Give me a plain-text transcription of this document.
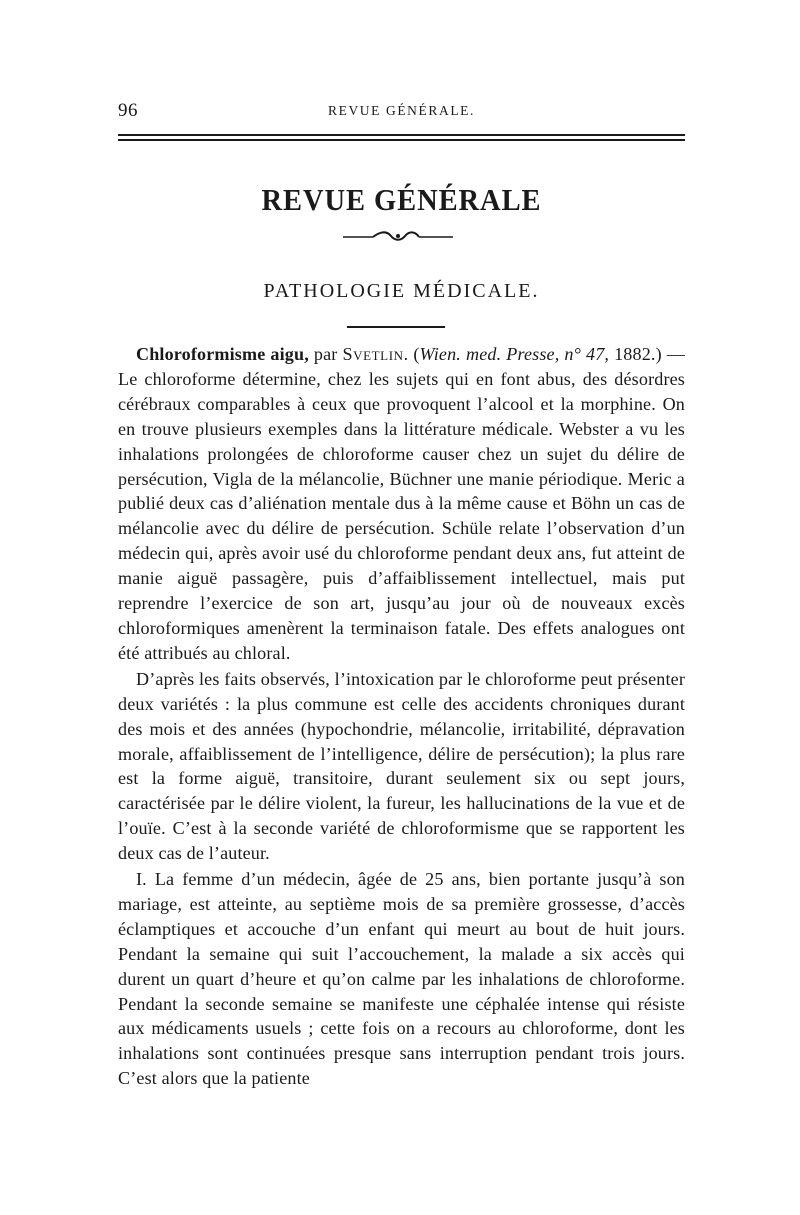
96	REVUE GÉNÉRALE.
REVUE GÉNÉRALE
PATHOLOGIE MÉDICALE.

Chloroformisme aigu, par Svetlin. (Wien. med. Presse, n° 47, 1882.) — Le chloroforme détermine, chez les sujets qui en font abus, des désordres cérébraux comparables à ceux que provoquent l’alcool et la morphine. On en trouve plusieurs exemples dans la littérature médicale. Webster a vu les inhalations prolongées de chloroforme causer chez un sujet du délire de persécution, Vigla de la mélancolie, Büchner une manie périodique. Meric a publié deux cas d’aliénation mentale dus à la même cause et Böhn un cas de mélancolie avec du délire de persécution. Schüle relate l’observation d’un médecin qui, après avoir usé du chloroforme pendant deux ans, fut atteint de manie aiguë passagère, puis d’affaiblissement intellectuel, mais put reprendre l’exercice de son art, jusqu’au jour où de nouveaux excès chloroformiques amenèrent la terminaison fatale. Des effets analogues ont été attribués au chloral.

D’après les faits observés, l’intoxication par le chloroforme peut présenter deux variétés : la plus commune est celle des accidents chroniques durant des mois et des années (hypochondrie, mélancolie, irritabilité, dépravation morale, affaiblissement de l’intelligence, délire de persécution); la plus rare est la forme aiguë, transitoire, durant seulement six ou sept jours, caractérisée par le délire violent, la fureur, les hallucinations de la vue et de l’ouïe. C’est à la seconde variété de chloroformisme que se rapportent les deux cas de l’auteur.

I. La femme d’un médecin, âgée de 25 ans, bien portante jusqu’à son mariage, est atteinte, au septième mois de sa première grossesse, d’accès éclamptiques et accouche d’un enfant qui meurt au bout de huit jours. Pendant la semaine qui suit l’accouchement, la malade a six accès qui durent un quart d’heure et qu’on calme par les inhalations de chloroforme. Pendant la seconde semaine se manifeste une céphalée intense qui résiste aux médicaments usuels ; cette fois on a recours au chloroforme, dont les inhalations sont continuées presque sans interruption pendant trois jours. C’est alors que la patiente
